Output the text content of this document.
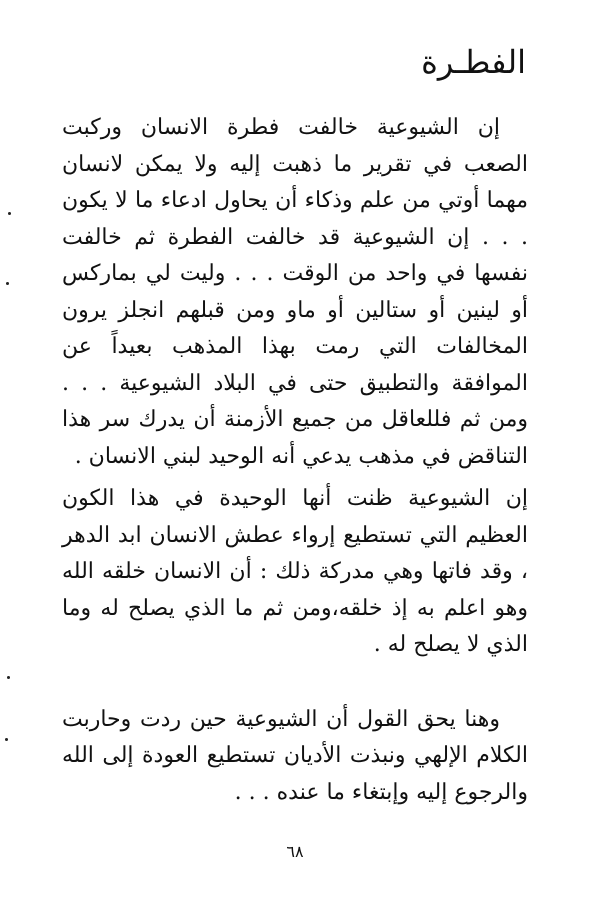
الفطـرة

إن الشيوعية خالفت فطرة الانسان وركبت الصعب في تقرير ما ذهبت إليه ولا يمكن لانسان مهما أوتي من علم وذكاء أن يحاول ادعاء ما لا يكون . . . إن الشيوعية قد خالفت الفطرة ثم خالفت نفسها في واحد من الوقت . . . وليت لي بماركس أو لينين أو ستالين أو ماو ومن قبلهم انجلز يرون المخالفات التي رمت بهذا المذهب بعيداً عن الموافقة والتطبيق حتى في البلاد الشيوعية . . . ومن ثم فللعاقل من جميع الأزمنة أن يدرك سر هذا التناقض في مذهب يدعي أنه الوحيد لبني الانسان .

إن الشيوعية ظنت أنها الوحيدة في هذا الكون العظيم التي تستطيع إرواء عطش الانسان ابد الدهر ، وقد فاتها وهي مدركة ذلك : أن الانسان خلقه الله وهو اعلم به إذ خلقه،ومن ثم ما الذي يصلح له وما الذي لا يصلح له .

وهنا يحق القول أن الشيوعية حين ردت وحاربت الكلام الإلهي ونبذت الأديان تستطيع العودة إلى الله والرجوع إليه وإبتغاء ما عنده . . .

٦٨
